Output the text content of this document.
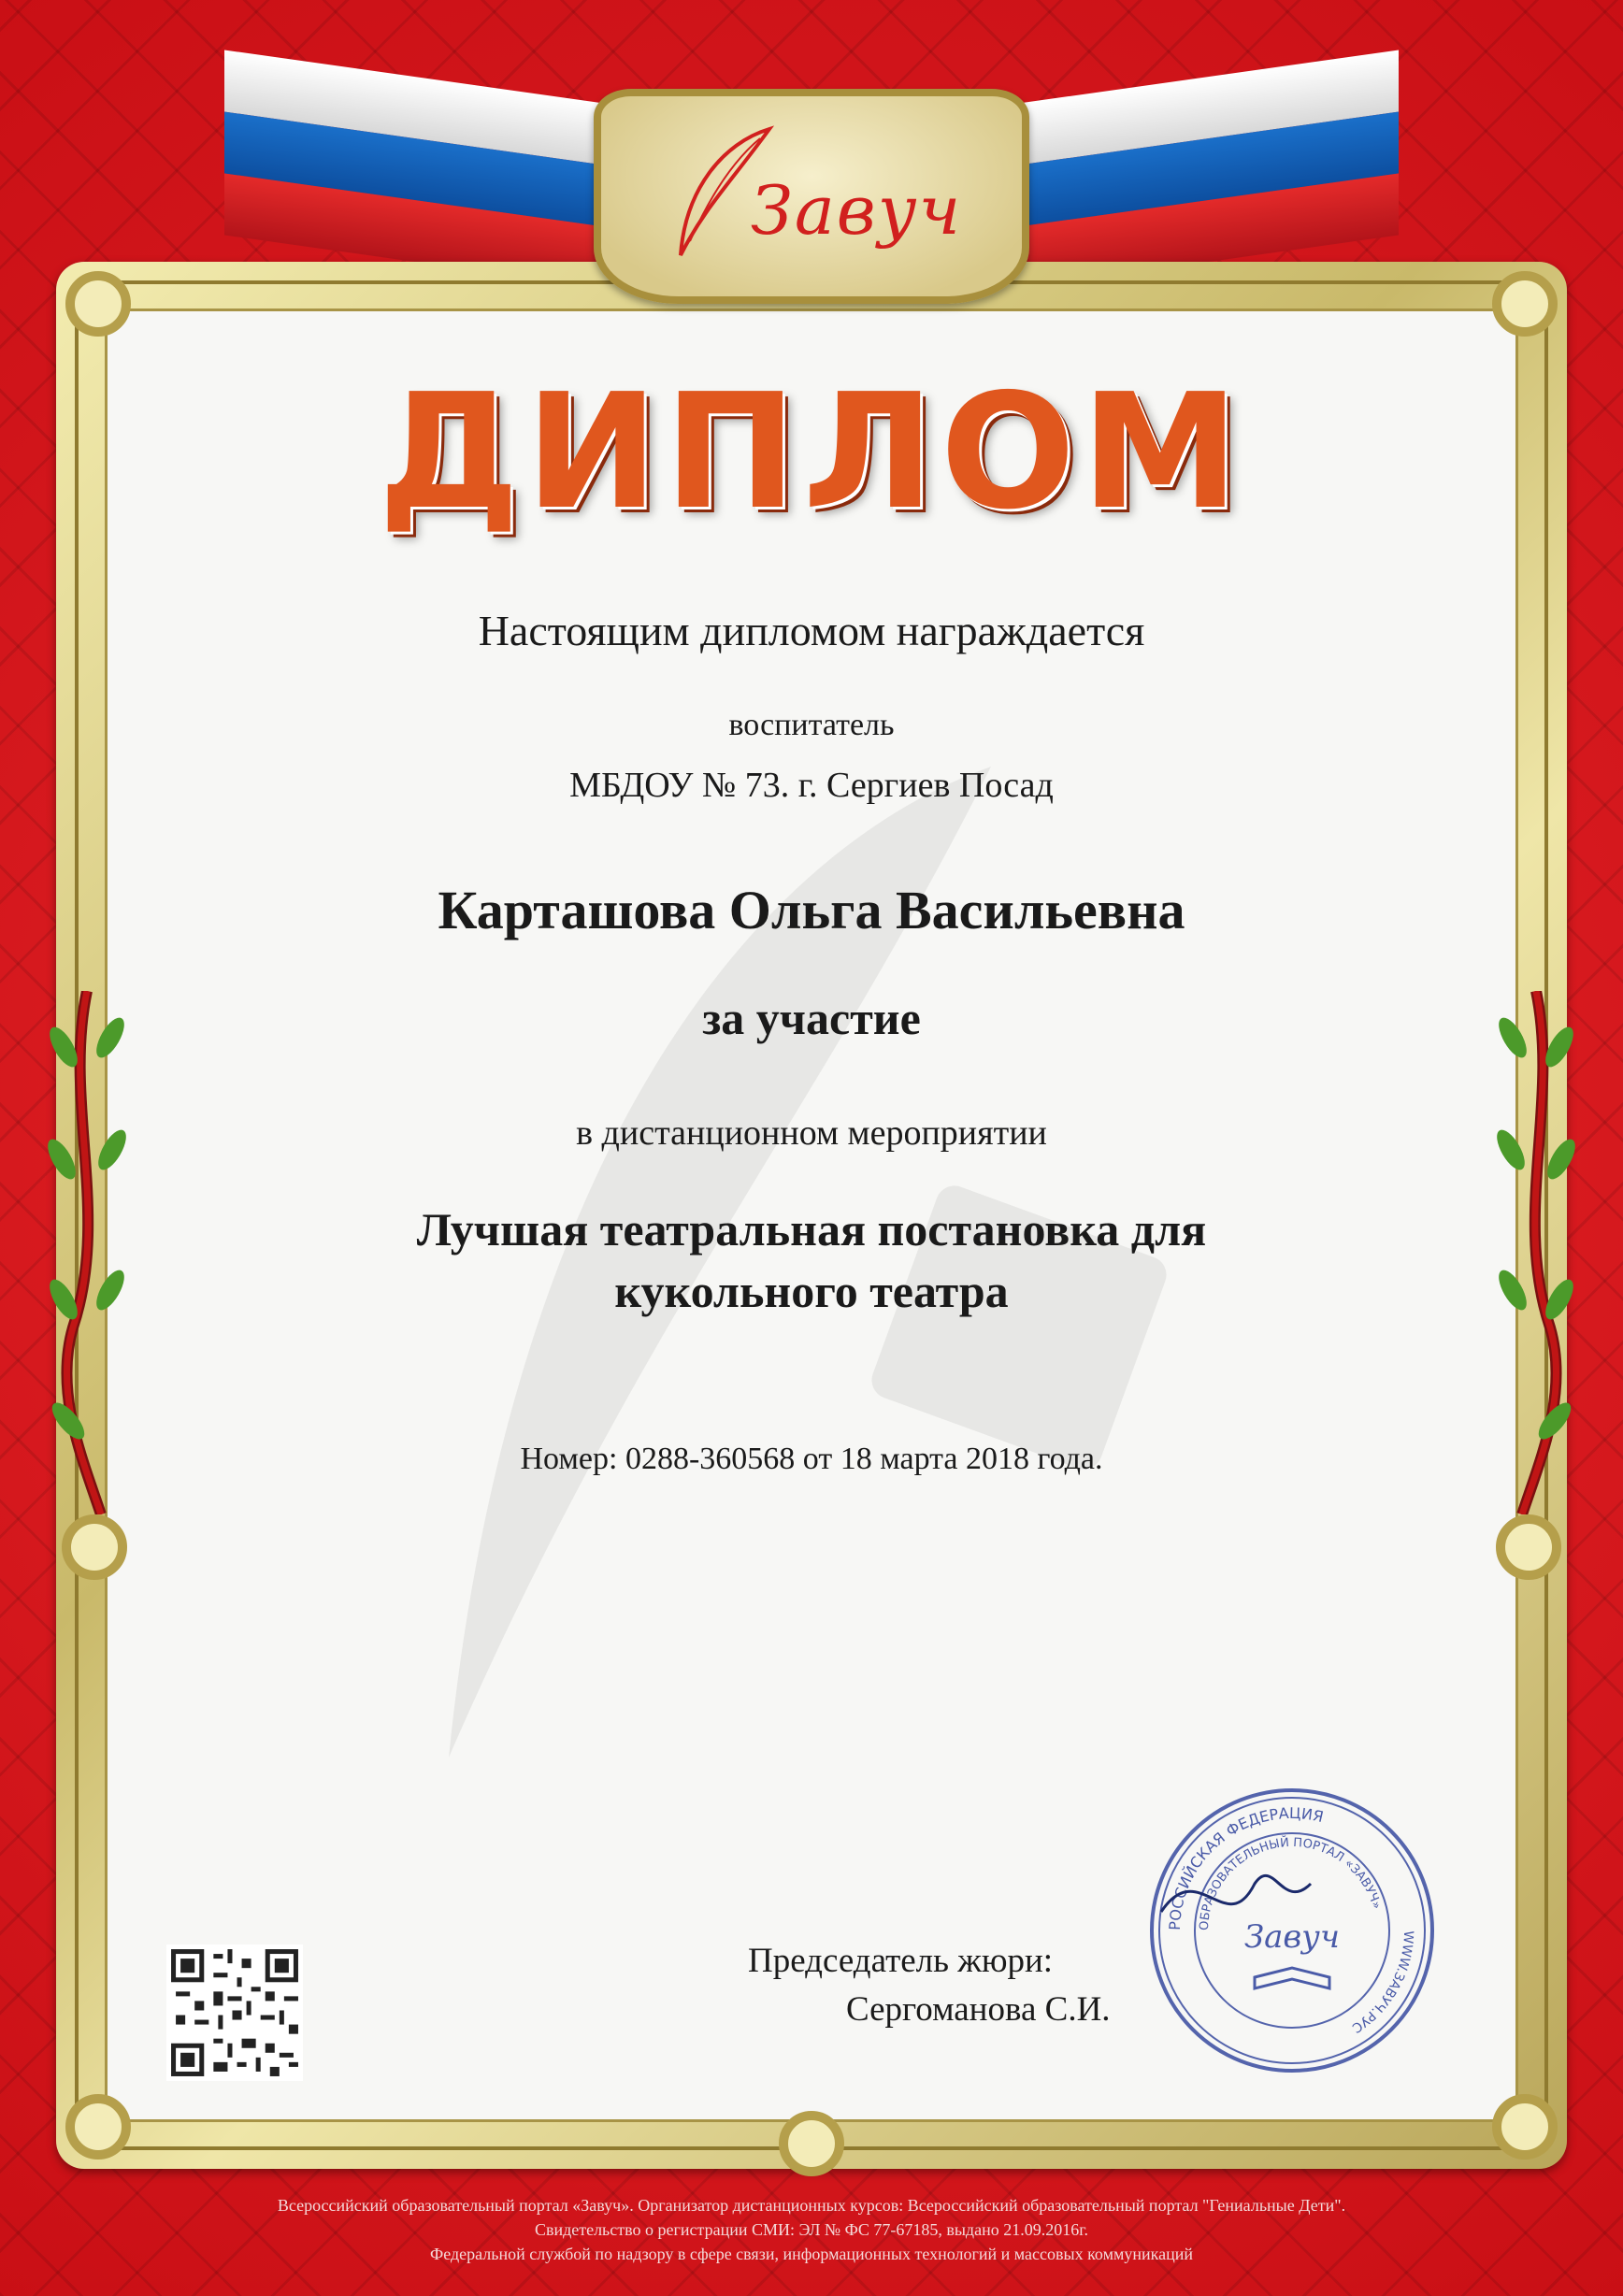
Завуч
ДИПЛОМ
Настоящим дипломом награждается
воспитатель
МБДОУ № 73. г. Сергиев Посад
Карташова Ольга Васильевна
за участие
в дистанционном мероприятии
Лучшая театральная постановка для кукольного театра
Номер: 0288-360568 от 18 марта 2018 года.
Председатель жюри:
Сергоманова С.И.
РОССИЙСКАЯ ФЕДЕРАЦИЯ
WWW.ЗАВУЧ.РУС
ОБРАЗОВАТЕЛЬНЫЙ ПОРТАЛ «ЗАВУЧ»
Завуч
Всероссийский образовательный портал «Завуч». Организатор дистанционных курсов: Всероссийский образовательный портал "Гениальные Дети".
Свидетельство о регистрации СМИ: ЭЛ № ФС 77-67185, выдано 21.09.2016г.
Федеральной службой по надзору в сфере связи, информационных технологий и массовых коммуникаций
